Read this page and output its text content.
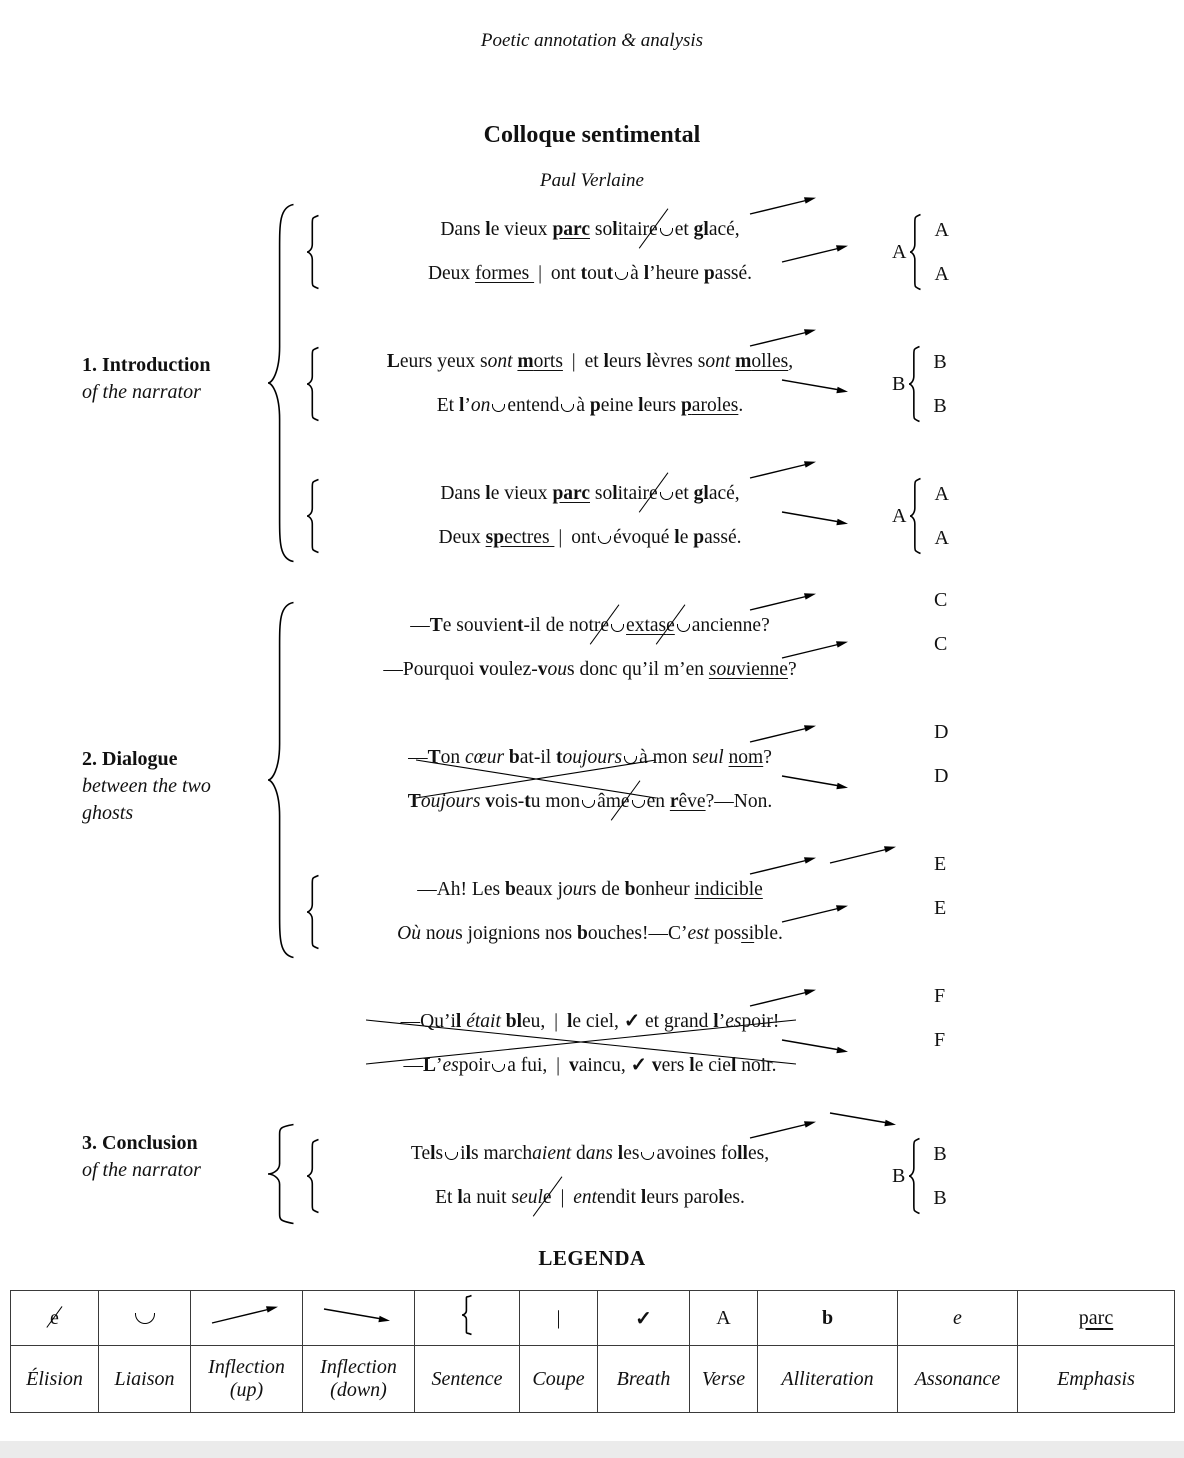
Poetic annotation & analysis
Colloque sentimental
Paul Verlaine
1. Introduction
of the narrator
2. Dialogue
between the two ghosts
3. Conclusion
of the narrator
Dans le vieux parc solitaire et glacé,
Deux formes | ont tout à l’heure passé.
A
A
A
Leurs yeux sont morts | et leurs lèvres sont molles,
Et l’on entend à peine leurs paroles.
B
B
B
Dans le vieux parc solitaire et glacé,
Deux spectres | ont évoqué le passé.
A
A
A
—Te souvient-il de notre extase ancienne?
—Pourquoi voulez-vous donc qu’il m’en souvienne?
C
C
—Ton cœur bat-il toujours à mon seul nom?
Toujours vois-tu mon âme en rêve?—Non.
D
D
—Ah! Les beaux jours de bonheur indicible
Où nous joignions nos bouches!—C’est possible.
E
E
—Qu’il était bleu, | le ciel, ✓ et grand l’espoir!
—L’espoir a fui, | vaincu, ✓ vers le ciel noir.
F
F
Tels ils marchaient dans les avoines folles,
Et la nuit seule | entendit leurs paroles.
B
B
B
LEGENDA
e					|	✓	A	b	e	parc
Élision	Liaison	Inflection (up)	Inflection (down)	Sentence	Coupe	Breath	Verse	Alliteration	Assonance	Emphasis
